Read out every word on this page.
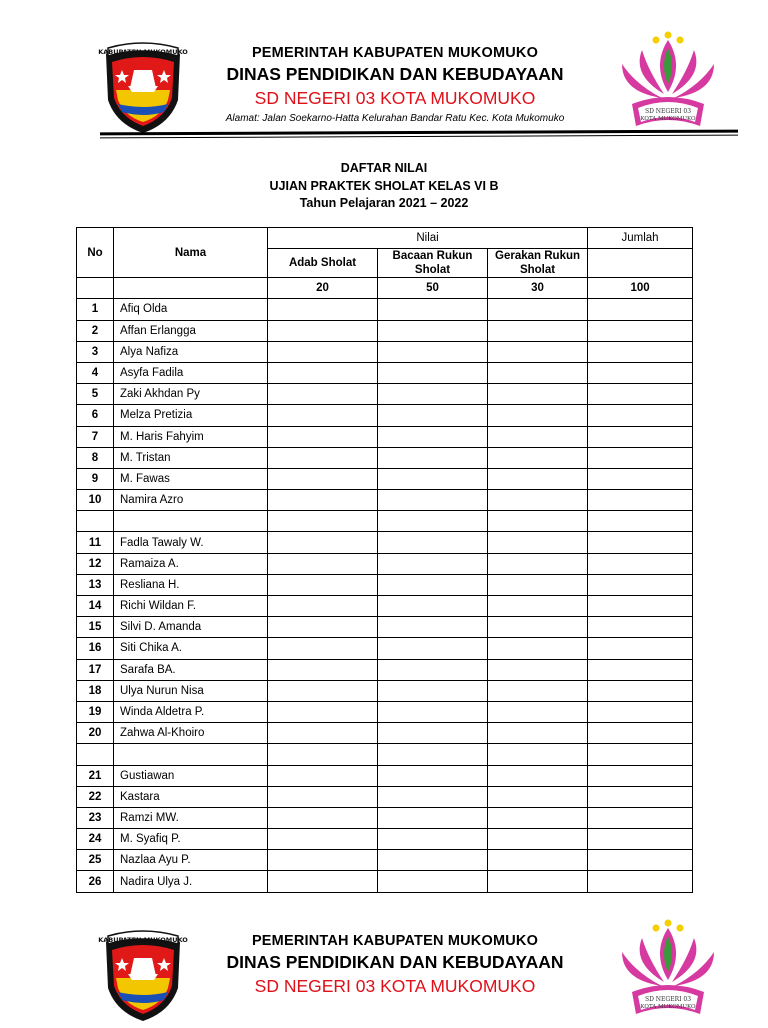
KABUPATEN MUKOMUKO	PEMERINTAH KABUPATEN MUKOMUKO
DINAS PENDIDIKAN DAN KEBUDAYAAN
SD NEGERI 03 KOTA MUKOMUKO
Alamat: Jalan Soekarno-Hatta Kelurahan Bandar Ratu Kec. Kota Mukomuko
SD NEGERI 03
KOTA MUKOMUKO
DAFTAR NILAI
UJIAN PRAKTEK SHOLAT KELAS VI B
Tahun Pelajaran 2021 – 2022
No	Nama	Nilai			Jumlah
		Adab Sholat	Bacaan Rukun Sholat	Gerakan Rukun Sholat	
		20	50	30	100
1	Afiq Olda				
2	Affan Erlangga				
3	Alya Nafiza				
4	Asyfa Fadila				
5	Zaki Akhdan Py				
6	Melza Pretizia				
7	M. Haris Fahyim				
8	M. Tristan				
9	M. Fawas				
10	Namira Azro				

11	Fadla Tawaly W.				
12	Ramaiza A.				
13	Resliana H.				
14	Richi Wildan F.				
15	Silvi D. Amanda				
16	Siti Chika A.				
17	Sarafa BA.				
18	Ulya Nurun Nisa				
19	Winda Aldetra P.				
20	Zahwa Al-Khoiro				

21	Gustiawan				
22	Kastara				
23	Ramzi MW.				
24	M. Syafiq P.				
25	Nazlaa Ayu P.				
26	Nadira Ulya J.				
KABUPATEN MUKOMUKO	PEMERINTAH KABUPATEN MUKOMUKO
DINAS PENDIDIKAN DAN KEBUDAYAAN
SD NEGERI 03 KOTA MUKOMUKO
SD NEGERI 03
KOTA MUKOMUKO
